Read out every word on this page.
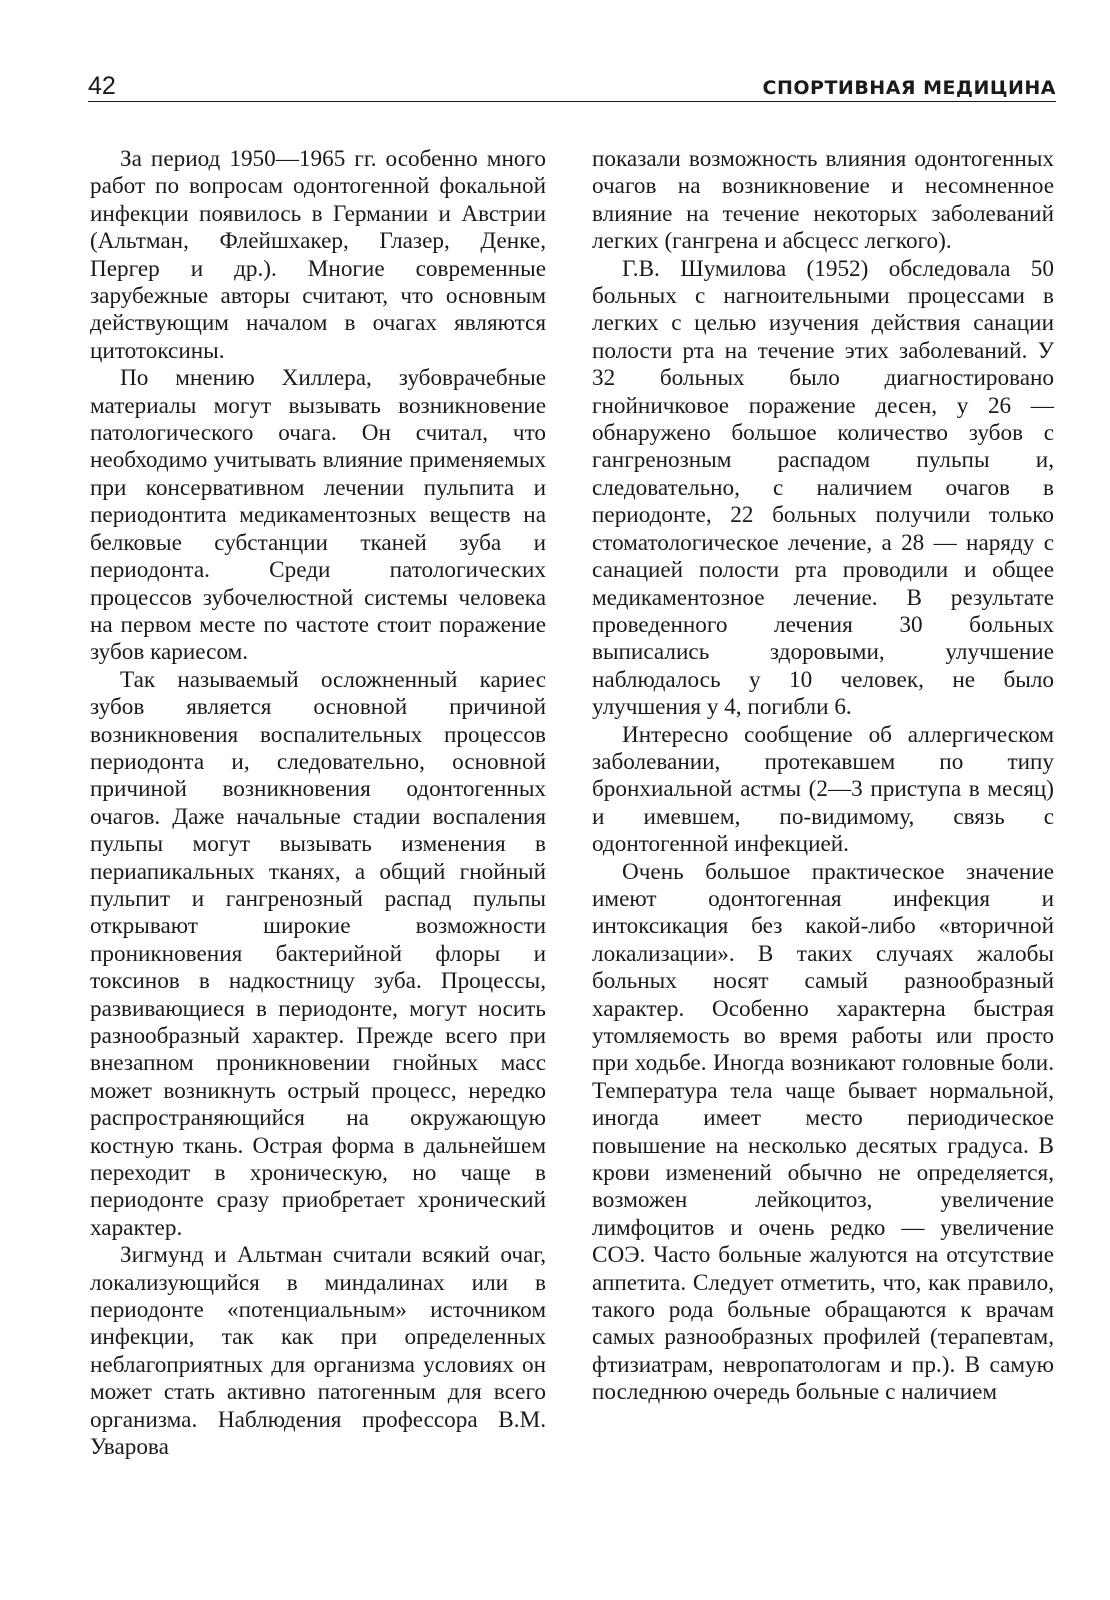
42	СПОРТИВНАЯ МЕДИЦИНА

За период 1950—1965 гг. особенно много работ по вопросам одонтогенной фокальной инфекции появилось в Германии и Австрии (Альтман, Флейшхакер, Глазер, Денке, Пергер и др.). Многие современные зарубежные авторы считают, что основным действующим началом в очагах являются цитотоксины.

По мнению Хиллера, зубоврачебные материалы могут вызывать возникновение патологического очага. Он считал, что необходимо учитывать влияние применяемых при консервативном лечении пульпита и периодонтита медикаментозных веществ на белковые субстанции тканей зуба и периодонта. Среди патологических процессов зубочелюстной системы человека на первом месте по частоте стоит поражение зубов кариесом.

Так называемый осложненный кариес зубов является основной причиной возникновения воспалительных процессов периодонта и, следовательно, основной причиной возникновения одонтогенных очагов. Даже начальные стадии воспаления пульпы могут вызывать изменения в периапикальных тканях, а общий гнойный пульпит и гангренозный распад пульпы открывают широкие возможности проникновения бактерийной флоры и токсинов в надкостницу зуба. Процессы, развивающиеся в периодонте, могут носить разнообразный характер. Прежде всего при внезапном проникновении гнойных масс может возникнуть острый процесс, нередко распространяющийся на окружающую костную ткань. Острая форма в дальнейшем переходит в хроническую, но чаще в периодонте сразу приобретает хронический характер.

Зигмунд и Альтман считали всякий очаг, локализующийся в миндалинах или в периодонте «потенциальным» источником инфекции, так как при определенных неблагоприятных для организма условиях он может стать активно патогенным для всего организма. Наблюдения профессора В.М. Уварова

показали возможность влияния одонтогенных очагов на возникновение и несомненное влияние на течение некоторых заболеваний легких (гангрена и абсцесс легкого).

Г.В. Шумилова (1952) обследовала 50 больных с нагноительными процессами в легких с целью изучения действия санации полости рта на течение этих заболеваний. У 32 больных было диагностировано гнойничковое поражение десен, у 26 — обнаружено большое количество зубов с гангренозным распадом пульпы и, следовательно, с наличием очагов в периодонте, 22 больных получили только стоматологическое лечение, а 28 — наряду с санацией полости рта проводили и общее медикаментозное лечение. В результате проведенного лечения 30 больных выписались здоровыми, улучшение наблюдалось у 10 человек, не было улучшения у 4, погибли 6.

Интересно сообщение об аллергическом заболевании, протекавшем по типу бронхиальной астмы (2—3 приступа в месяц) и имевшем, по-видимому, связь с одонтогенной инфекцией.

Очень большое практическое значение имеют одонтогенная инфекция и интоксикация без какой-либо «вторичной локализации». В таких случаях жалобы больных носят самый разнообразный характер. Особенно характерна быстрая утомляемость во время работы или просто при ходьбе. Иногда возникают головные боли. Температура тела чаще бывает нормальной, иногда имеет место периодическое повышение на несколько десятых градуса. В крови изменений обычно не определяется, возможен лейкоцитоз, увеличение лимфоцитов и очень редко — увеличение СОЭ. Часто больные жалуются на отсутствие аппетита. Следует отметить, что, как правило, такого рода больные обращаются к врачам самых разнообразных профилей (терапевтам, фтизиатрам, невропатологам и пр.). В самую последнюю очередь больные с наличием
